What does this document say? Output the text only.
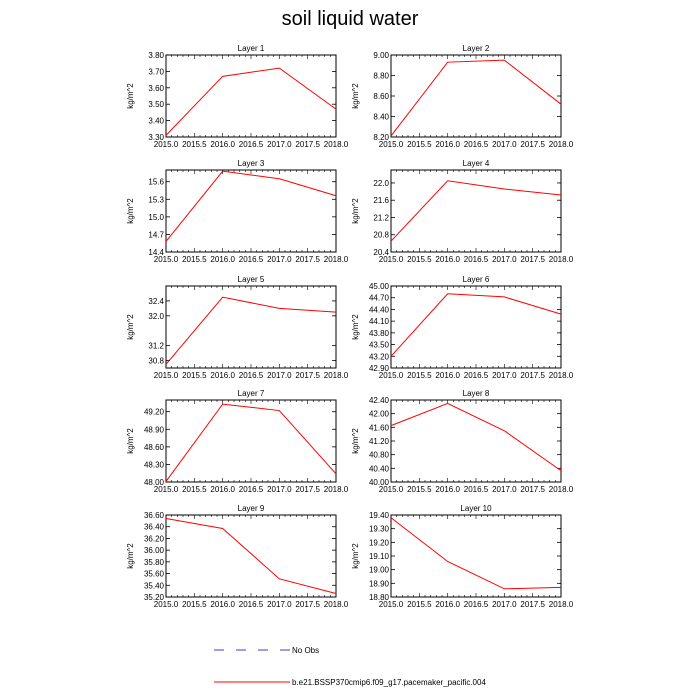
soil liquid water
Layer 1
3.30
3.40
3.50
3.60
3.70
3.80
2015.0 2015.5 2016.0 2016.5 2017.0 2017.5 2018.0
kg/m^2
Layer 2
8.20
8.40
8.60
8.80
9.00
2015.0 2015.5 2016.0 2016.5 2017.0 2017.5 2018.0
kg/m^2
Layer 3
14.4
14.7
15.0
15.3
15.6
2015.0 2015.5 2016.0 2016.5 2017.0 2017.5 2018.0
kg/m^2
Layer 4
20.4
20.8
21.2
21.6
22.0
2015.0 2015.5 2016.0 2016.5 2017.0 2017.5 2018.0
kg/m^2
Layer 5
30.8
31.2
32.0
32.4
2015.0 2015.5 2016.0 2016.5 2017.0 2017.5 2018.0
kg/m^2
Layer 6
42.90
43.20
43.50
43.80
44.10
44.40
44.70
45.00
2015.0 2015.5 2016.0 2016.5 2017.0 2017.5 2018.0
kg/m^2
Layer 7
48.00
48.30
48.60
48.90
49.20
2015.0 2015.5 2016.0 2016.5 2017.0 2017.5 2018.0
kg/m^2
Layer 8
40.00
40.40
40.80
41.20
41.60
42.00
42.40
2015.0 2015.5 2016.0 2016.5 2017.0 2017.5 2018.0
kg/m^2
Layer 9
35.20
35.40
35.60
35.80
36.00
36.20
36.40
36.60
2015.0 2015.5 2016.0 2016.5 2017.0 2017.5 2018.0
kg/m^2
Layer 10
18.80
18.90
19.00
19.10
19.20
19.30
19.40
2015.0 2015.5 2016.0 2016.5 2017.0 2017.5 2018.0
kg/m^2
No Obs
b.e21.BSSP370cmip6.f09_g17.pacemaker_pacific.004
